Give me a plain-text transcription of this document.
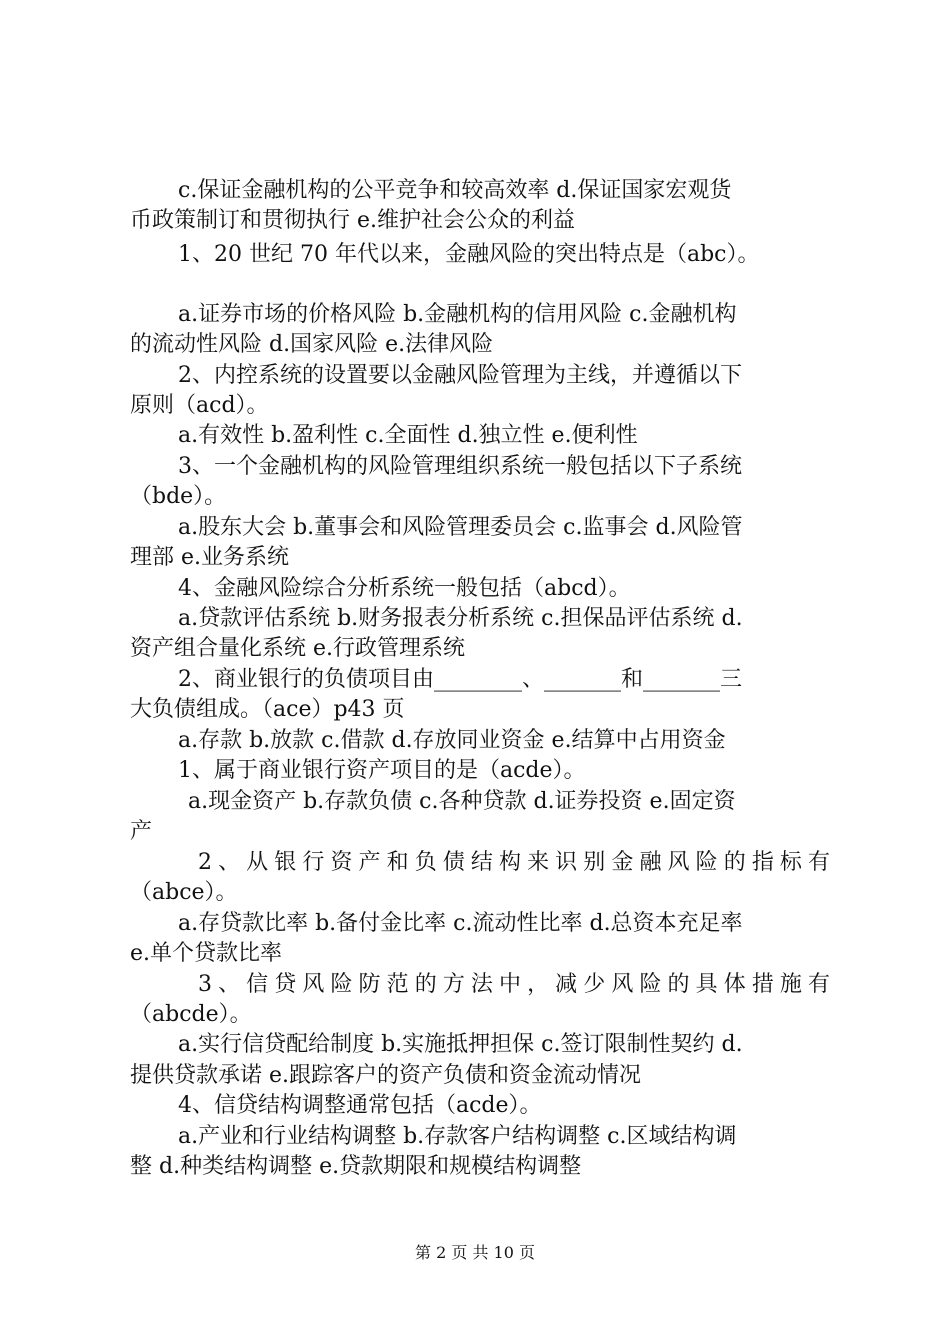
c.保证金融机构的公平竞争和较高效率 d.保证国家宏观货
币政策制订和贯彻执行 e.维护社会公众的利益
1、20 世纪 70 年代以来，金融风险的突出特点是（abc）。
a.证券市场的价格风险 b.金融机构的信用风险 c.金融机构
的流动性风险 d.国家风险 e.法律风险
2、内控系统的设置要以金融风险管理为主线，并遵循以下
原则（acd）。
a.有效性 b.盈利性 c.全面性 d.独立性 e.便利性
3、一个金融机构的风险管理组织系统一般包括以下子系统
（bde）。
a.股东大会 b.董事会和风险管理委员会 c.监事会 d.风险管
理部 e.业务系统
4、金融风险综合分析系统一般包括（abcd）。
a.贷款评估系统 b.财务报表分析系统 c.担保品评估系统 d.
资产组合量化系统 e.行政管理系统
2、商业银行的负债项目由________、_______和_______三
大负债组成。（ace）p43 页
a.存款 b.放款 c.借款 d.存放同业资金 e.结算中占用资金
1、属于商业银行资产项目的是（acde）。
a.现金资产 b.存款负债 c.各种贷款 d.证券投资 e.固定资
产
2、从银行资产和负债结构来识别金融风险的指标有
（abce）。
a.存贷款比率 b.备付金比率 c.流动性比率 d.总资本充足率
e.单个贷款比率
3、信贷风险防范的方法中，减少风险的具体措施有
（abcde）。
a.实行信贷配给制度 b.实施抵押担保 c.签订限制性契约 d.
提供贷款承诺 e.跟踪客户的资产负债和资金流动情况
4、信贷结构调整通常包括（acde）。
a.产业和行业结构调整 b.存款客户结构调整 c.区域结构调
整 d.种类结构调整 e.贷款期限和规模结构调整
第 2 页 共 10 页
